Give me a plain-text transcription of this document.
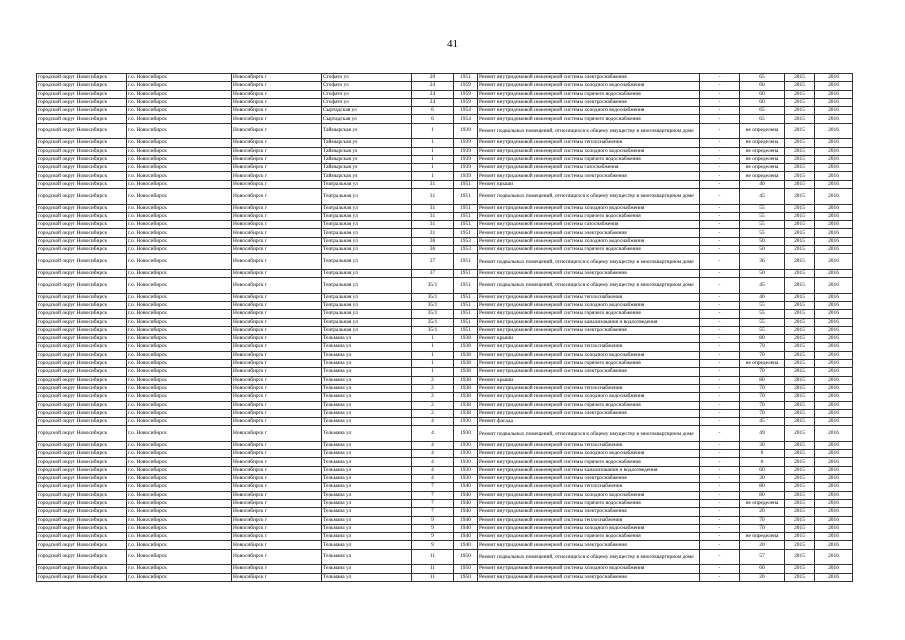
41
городской округ Новосибирск	г.о. Новосибирск	Новосибирск г	Стофато ул	20	1951	Ремонт внутридомовой инженерной системы электроснабжения	-	65	2015	2016
городской округ Новосибирск	г.о. Новосибирск	Новосибирск г	Стофато ул	24	1959	Ремонт внутридомовой инженерной системы холодного водоснабжения	-	60	2015	2016
городской округ Новосибирск	г.о. Новосибирск	Новосибирск г	Стофато ул	24	1959	Ремонт внутридомовой инженерной системы горячего водоснабжения	-	60	2015	2016
городской округ Новосибирск	г.о. Новосибирск	Новосибирск г	Стофато ул	24	1959	Ремонт внутридомовой инженерной системы электроснабжения	-	60	2015	2016
городской округ Новосибирск	г.о. Новосибирск	Новосибирск г	Сыртадская ул	6	1954	Ремонт внутридомовой инженерной системы холодного водоснабжения	-	65	2015	2016
городской округ Новосибирск	г.о. Новосибирск	Новосибирск г	Сыртадская ул	6	1954	Ремонт внутридомовой инженерной системы горячего водоснабжения	-	65	2015	2016
городской округ Новосибирск	г.о. Новосибирск	Новосибирск г	Таймырская ул	1	1939	Ремонт подвальных помещений, относящихся к общему имуществу в многоквартирном доме	-	не определена	2015	2016
городской округ Новосибирск	г.о. Новосибирск	Новосибирск г	Таймырская ул	1	1939	Ремонт внутридомовой инженерной системы теплоснабжения	-	не определена	2015	2016
городской округ Новосибирск	г.о. Новосибирск	Новосибирск г	Таймырская ул	1	1939	Ремонт внутридомовой инженерной системы холодного водоснабжения	-	не определена	2015	2016
городской округ Новосибирск	г.о. Новосибирск	Новосибирск г	Таймырская ул	1	1939	Ремонт внутридомовой инженерной системы горячего водоснабжения	-	не определена	2015	2016
городской округ Новосибирск	г.о. Новосибирск	Новосибирск г	Таймырская ул	1	1939	Ремонт внутридомовой инженерной системы газоснабжения	-	не определена	2015	2016
городской округ Новосибирск	г.о. Новосибирск	Новосибирск г	Таймырская ул	1	1939	Ремонт внутридомовой инженерной системы электроснабжения	-	не определена	2015	2016
городской округ Новосибирск	г.о. Новосибирск	Новосибирск г	Театральная ул	31	1951	Ремонт крыши	-	40	2015	2016
городской округ Новосибирск	г.о. Новосибирск	Новосибирск г	Театральная ул	31	1951	Ремонт подвальных помещений, относящихся к общему имуществу в многоквартирном доме	-	45	2015	2016
городской округ Новосибирск	г.о. Новосибирск	Новосибирск г	Театральная ул	31	1951	Ремонт внутридомовой инженерной системы холодного водоснабжения	-	55	2015	2016
городской округ Новосибирск	г.о. Новосибирск	Новосибирск г	Театральная ул	31	1951	Ремонт внутридомовой инженерной системы горячего водоснабжения	-	55	2015	2016
городской округ Новосибирск	г.о. Новосибирск	Новосибирск г	Театральная ул	31	1951	Ремонт внутридомовой инженерной системы газоснабжения	-	55	2015	2016
городской округ Новосибирск	г.о. Новосибирск	Новосибирск г	Театральная ул	31	1951	Ремонт внутридомовой инженерной системы электроснабжения	-	55	2015	2016
городской округ Новосибирск	г.о. Новосибирск	Новосибирск г	Театральная ул	36	1953	Ремонт внутридомовой инженерной системы холодного водоснабжения	-	50	2015	2016
городской округ Новосибирск	г.о. Новосибирск	Новосибирск г	Театральная ул	36	1953	Ремонт внутридомовой инженерной системы горячего водоснабжения	-	50	2015	2016
городской округ Новосибирск	г.о. Новосибирск	Новосибирск г	Театральная ул	37	1951	Ремонт подвальных помещений, относящихся к общему имуществу в многоквартирном доме	-	36	2015	2016
городской округ Новосибирск	г.о. Новосибирск	Новосибирск г	Театральная ул	37	1951	Ремонт внутридомовой инженерной системы электроснабжения	-	50	2015	2016
городской округ Новосибирск	г.о. Новосибирск	Новосибирск г	Театральная ул	35/1	1951	Ремонт подвальных помещений, относящихся к общему имуществу в многоквартирном доме	-	45	2015	2016
городской округ Новосибирск	г.о. Новосибирск	Новосибирск г	Театральная ул	35/1	1951	Ремонт внутридомовой инженерной системы теплоснабжения	-	40	2015	2016
городской округ Новосибирск	г.о. Новосибирск	Новосибирск г	Театральная ул	35/1	1951	Ремонт внутридомовой инженерной системы холодного водоснабжения	-	55	2015	2016
городской округ Новосибирск	г.о. Новосибирск	Новосибирск г	Театральная ул	35/1	1951	Ремонт внутридомовой инженерной системы горячего водоснабжения	-	55	2015	2016
городской округ Новосибирск	г.о. Новосибирск	Новосибирск г	Театральная ул	35/1	1951	Ремонт внутридомовой инженерной системы канализования и водоотведения	-	55	2015	2016
городской округ Новосибирск	г.о. Новосибирск	Новосибирск г	Театральная ул	35/1	1951	Ремонт внутридомовой инженерной системы электроснабжения	-	55	2015	2016
городской округ Новосибирск	г.о. Новосибирск	Новосибирск г	Тельмана ул	1	1938	Ремонт крыши	-	80	2015	2016
городской округ Новосибирск	г.о. Новосибирск	Новосибирск г	Тельмана ул	1	1938	Ремонт внутридомовой инженерной системы теплоснабжения	-	70	2015	2016
городской округ Новосибирск	г.о. Новосибирск	Новосибирск г	Тельмана ул	1	1938	Ремонт внутридомовой инженерной системы холодного водоснабжения	-	70	2015	2016
городской округ Новосибирск	г.о. Новосибирск	Новосибирск г	Тельмана ул	1	1938	Ремонт внутридомовой инженерной системы горячего водоснабжения	-	не определена	2015	2016
городской округ Новосибирск	г.о. Новосибирск	Новосибирск г	Тельмана ул	1	1938	Ремонт внутридомовой инженерной системы электроснабжения	-	70	2015	2016
городской округ Новосибирск	г.о. Новосибирск	Новосибирск г	Тельмана ул	2	1938	Ремонт крыши	-	80	2015	2016
городской округ Новосибирск	г.о. Новосибирск	Новосибирск г	Тельмана ул	2	1938	Ремонт внутридомовой инженерной системы теплоснабжения	-	70	2015	2016
городской округ Новосибирск	г.о. Новосибирск	Новосибирск г	Тельмана ул	2	1938	Ремонт внутридомовой инженерной системы холодного водоснабжения	-	70	2015	2016
городской округ Новосибирск	г.о. Новосибирск	Новосибирск г	Тельмана ул	2	1938	Ремонт внутридомовой инженерной системы горячего водоснабжения	-	70	2015	2016
городской округ Новосибирск	г.о. Новосибирск	Новосибирск г	Тельмана ул	2	1938	Ремонт внутридомовой инженерной системы электроснабжения	-	70	2015	2016
городской округ Новосибирск	г.о. Новосибирск	Новосибирск г	Тельмана ул	4	1930	Ремонт фасада	-	45	2015	2016
городской округ Новосибирск	г.о. Новосибирск	Новосибирск г	Тельмана ул	4	1930	Ремонт подвальных помещений, относящихся к общему имуществу в многоквартирном доме	-	49	2015	2016
городской округ Новосибирск	г.о. Новосибирск	Новосибирск г	Тельмана ул	4	1930	Ремонт внутридомовой инженерной системы теплоснабжения	-	30	2015	2016
городской округ Новосибирск	г.о. Новосибирск	Новосибирск г	Тельмана ул	4	1930	Ремонт внутридомовой инженерной системы холодного водоснабжения	-	0	2015	2016
городской округ Новосибирск	г.о. Новосибирск	Новосибирск г	Тельмана ул	4	1930	Ремонт внутридомовой инженерной системы горячего водоснабжения	-	0	2015	2016
городской округ Новосибирск	г.о. Новосибирск	Новосибирск г	Тельмана ул	4	1930	Ремонт внутридомовой инженерной системы канализования и водоотведения	-	60	2015	2016
городской округ Новосибирск	г.о. Новосибирск	Новосибирск г	Тельмана ул	4	1930	Ремонт внутридомовой инженерной системы электроснабжения	-	30	2015	2016
городской округ Новосибирск	г.о. Новосибирск	Новосибирск г	Тельмана ул	7	1940	Ремонт внутридомовой инженерной системы теплоснабжения	-	80	2015	2016
городской округ Новосибирск	г.о. Новосибирск	Новосибирск г	Тельмана ул	7	1940	Ремонт внутридомовой инженерной системы холодного водоснабжения	-	80	2015	2016
городской округ Новосибирск	г.о. Новосибирск	Новосибирск г	Тельмана ул	7	1940	Ремонт внутридомовой инженерной системы горячего водоснабжения	-	не определена	2015	2016
городской округ Новосибирск	г.о. Новосибирск	Новосибирск г	Тельмана ул	7	1940	Ремонт внутридомовой инженерной системы электроснабжения	-	20	2015	2016
городской округ Новосибирск	г.о. Новосибирск	Новосибирск г	Тельмана ул	9	1940	Ремонт внутридомовой инженерной системы теплоснабжения	-	70	2015	2016
городской округ Новосибирск	г.о. Новосибирск	Новосибирск г	Тельмана ул	9	1940	Ремонт внутридомовой инженерной системы холодного водоснабжения	-	70	2015	2016
городской округ Новосибирск	г.о. Новосибирск	Новосибирск г	Тельмана ул	9	1940	Ремонт внутридомовой инженерной системы горячего водоснабжения	-	не определена	2015	2016
городской округ Новосибирск	г.о. Новосибирск	Новосибирск г	Тельмана ул	9	1940	Ремонт внутридомовой инженерной системы электроснабжения	-	20	2015	2016
городской округ Новосибирск	г.о. Новосибирск	Новосибирск г	Тельмана ул	11	1950	Ремонт подвальных помещений, относящихся к общему имуществу в многоквартирном доме	-	57	2015	2016
городской округ Новосибирск	г.о. Новосибирск	Новосибирск г	Тельмана ул	11	1950	Ремонт внутридомовой инженерной системы холодного водоснабжения	-	60	2015	2016
городской округ Новосибирск	г.о. Новосибирск	Новосибирск г	Тельмана ул	11	1950	Ремонт внутридомовой инженерной системы электроснабжения	-	20	2015	2016
